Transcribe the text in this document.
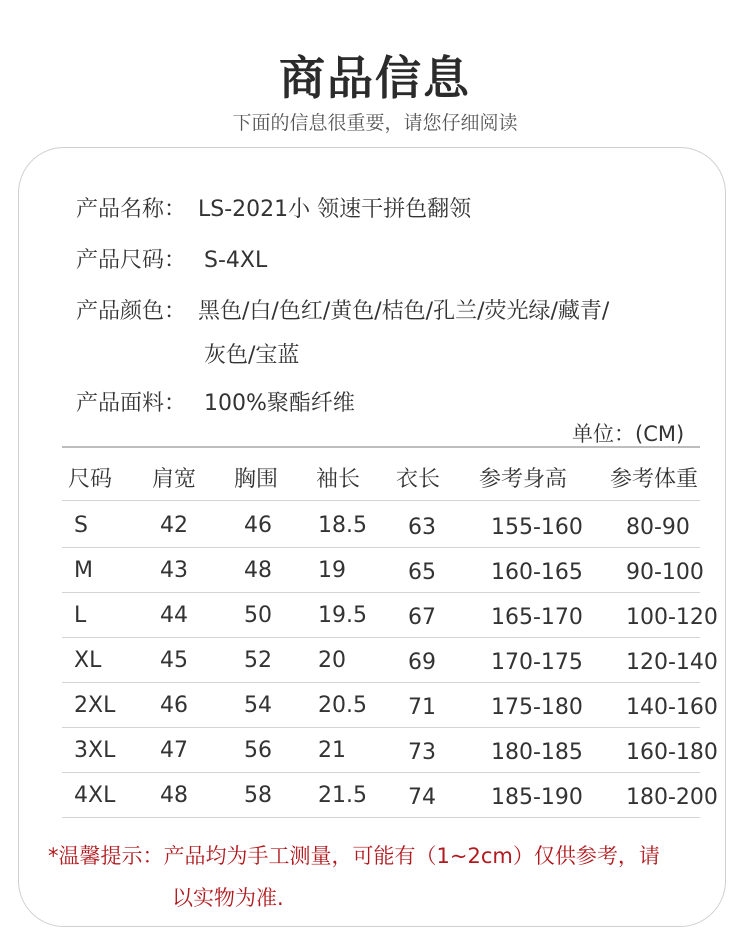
商品信息
下面的信息很重要，请您仔细阅读
产品名称： LS-2021小 领速干拼色翻领
产品尺码： S-4XL
产品颜色： 黑色/白/色红/黄色/桔色/孔兰/荧光绿/藏青/
灰色/宝蓝
产品面料： 100%聚酯纤维
单位：(CM)
尺码 肩宽 胸围 袖长 衣长 参考身高 参考体重
S	42	46 18.5 63	155-160 80-90
M	43	48 19	65	160-165 90-100
L	44	50 19.5 67	165-170 100-120
XL	45	52 20	69	170-175 120-140
2XL 46	54 20.5 71	175-180 140-160
3XL 47	56 21	73	180-185 160-180
4XL 48	58 21.5 74	185-190 180-200
*温馨提示：产品均为手工测量，可能有（1~2cm）仅供参考，请
以实物为准.
